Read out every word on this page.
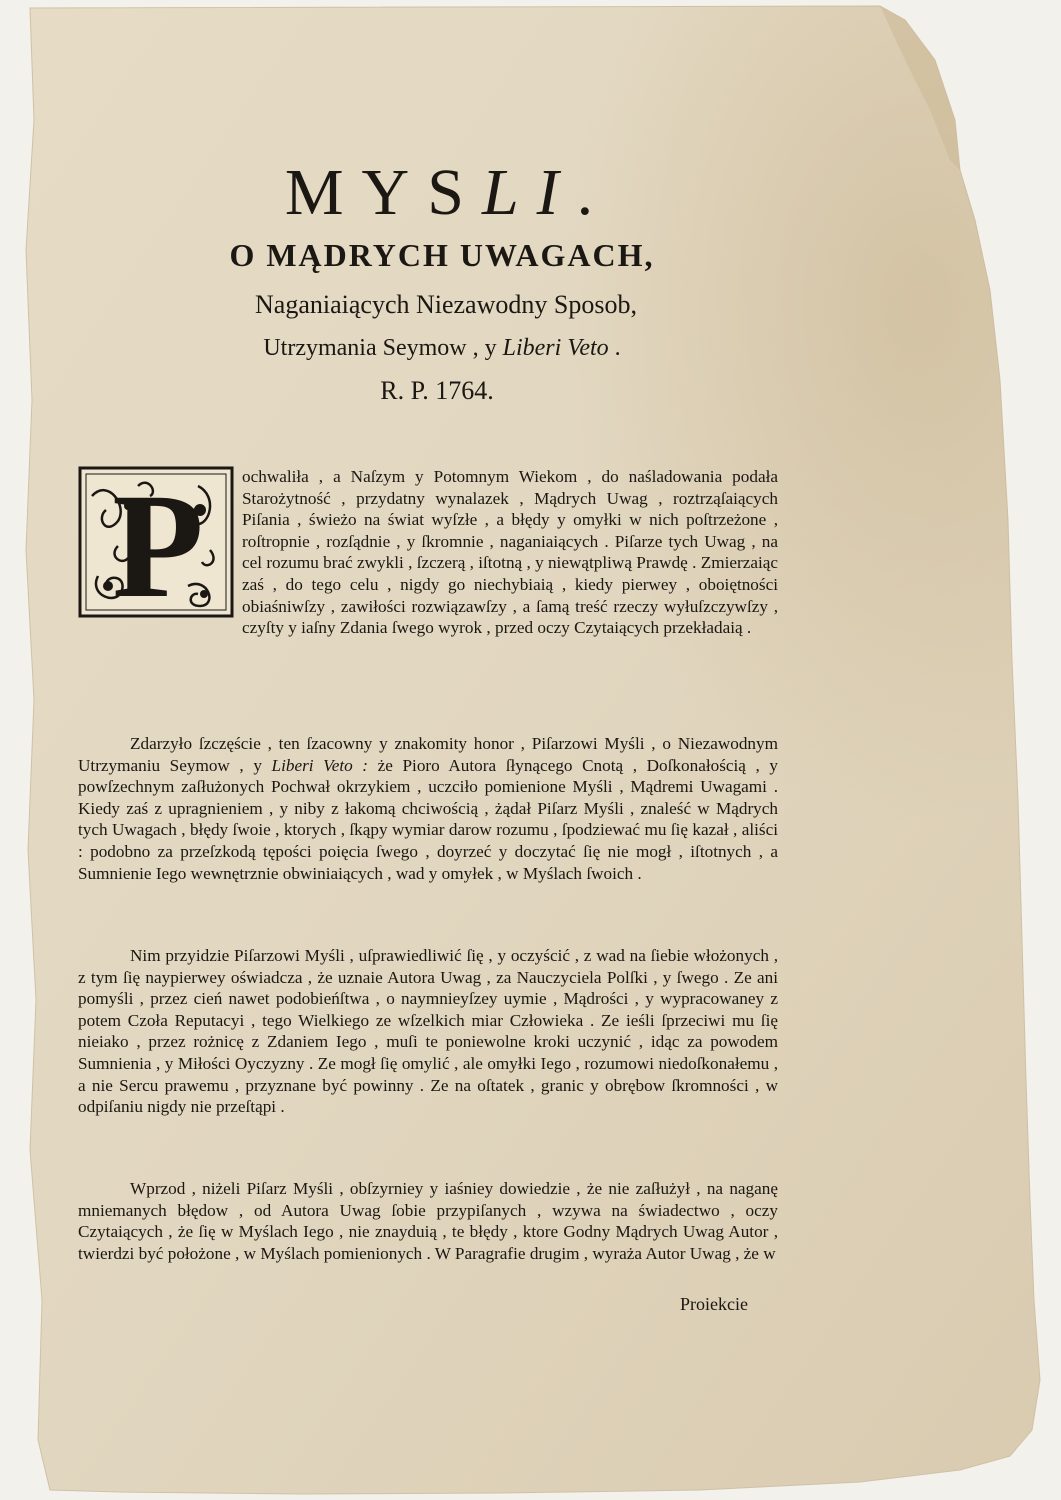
MYSLI.

O MĄDRYCH UWAGACH,

Naganiaiących Niezawodny Sposob,

Utrzymania Seymow , y Liberi Veto .

R. P. 1764.

P	ochwaliła , a Naſzym y Potomnym Wiekom , do naśladowania podała Starożytność , przydatny wynalazek , Mądrych Uwag , roztrząſaiących Piſania , świeżo na świat wyſzłe , a błędy y omyłki w nich poſtrzeżone , roſtropnie , rozſądnie , y ſkromnie , naganiaiących . Piſarze tych Uwag , na cel rozumu brać zwykli , ſzczerą , iſtotną , y niewątpliwą Prawdę . Zmierzaiąc zaś , do tego celu , nigdy go niechybiaią , kiedy pierwey , oboiętności obiaśniwſzy , zawiłości rozwiązawſzy , a ſamą treść rzeczy wyłuſzczywſzy , czyſty y iaſny Zdania ſwego wyrok , przed oczy Czytaiących przekładaią .

Zdarzyło ſzczęście , ten ſzacowny y znakomity honor , Piſarzowi Myśli , o Niezawodnym Utrzymaniu Seymow , y Liberi Veto : że Pioro Autora ſłynącego Cnotą , Doſkonałością , y powſzechnym zaſłużonych Pochwał okrzykiem , uczciło pomienione Myśli , Mądremi Uwagami . Kiedy zaś z upragnieniem , y niby z łakomą chciwością , żądał Piſarz Myśli , znaleść w Mądrych tych Uwagach , błędy ſwoie , ktorych , ſkąpy wymiar darow rozumu , ſpodziewać mu ſię kazał , aliści : podobno za przeſzkodą tępości poięcia ſwego , doyrzeć y doczytać ſię nie mogł , iſtotnych , a Sumnienie Iego wewnętrznie obwiniaiących , wad y omyłek , w Myślach ſwoich .

Nim przyidzie Piſarzowi Myśli , uſprawiedliwić ſię , y oczyścić , z wad na ſiebie włożonych , z tym ſię naypierwey oświadcza , że uznaie Autora Uwag , za Nauczyciela Polſki , y ſwego . Ze ani pomyśli , przez cień nawet podobieńſtwa , o naymnieyſzey uymie , Mądrości , y wypracowaney z potem Czoła Reputacyi , tego Wielkiego ze wſzelkich miar Człowieka . Ze ieśli ſprzeciwi mu ſię nieiako , przez rożnicę z Zdaniem Iego , muſi te poniewolne kroki uczynić , idąc za powodem Sumnienia , y Miłości Oyczyzny . Ze mogł ſię omylić , ale omyłki Iego , rozumowi niedoſkonałemu , a nie Sercu prawemu , przyznane być powinny . Ze na oſtatek , granic y obrębow ſkromności , w odpiſaniu nigdy nie przeſtąpi .

Wprzod , niżeli Piſarz Myśli , obſzyrniey y iaśniey dowiedzie , że nie zaſłużył , na naganę mniemanych błędow , od Autora Uwag ſobie przypiſanych , wzywa na świadectwo , oczy Czytaiących , że ſię w Myślach Iego , nie znayduią , te błędy , ktore Godny Mądrych Uwag Autor , twierdzi być położone , w Myślach pomienionych . W Paragrafie drugim , wyraża Autor Uwag , że w

Proiekcie
